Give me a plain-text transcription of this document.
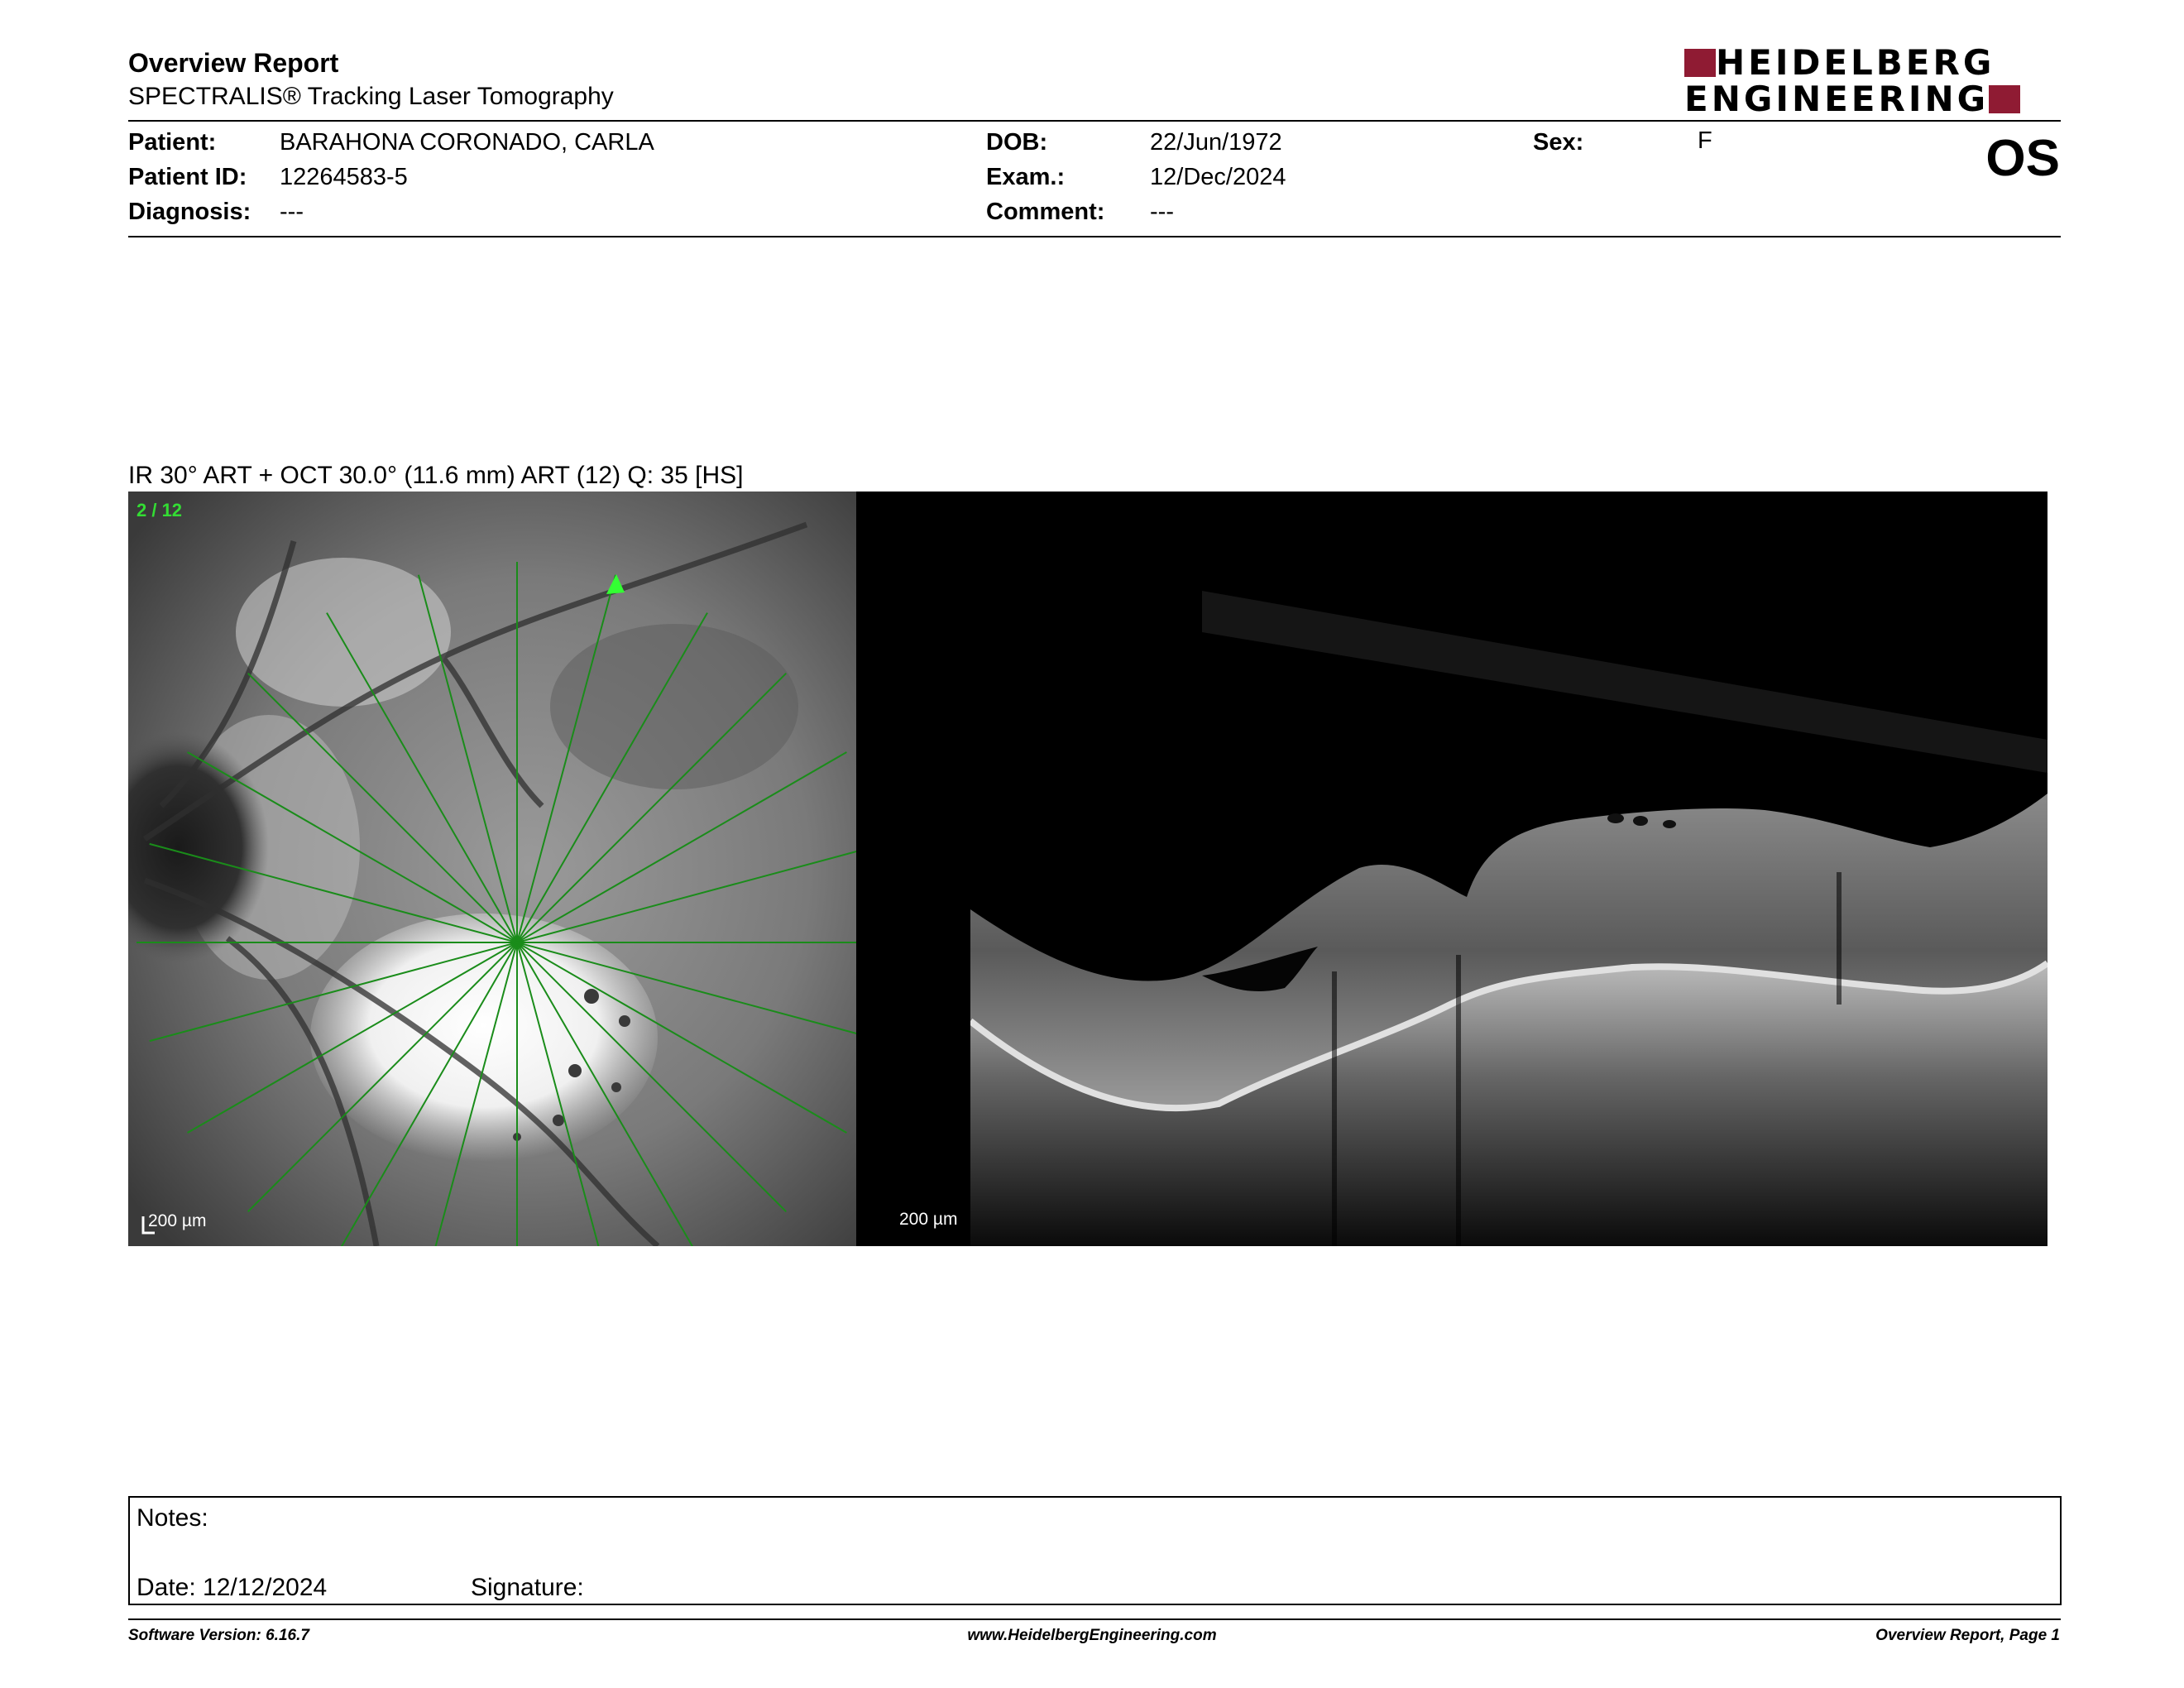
Overview Report
SPECTRALIS® Tracking Laser Tomography
HEIDELBERG
ENGINEERING
Patient:	BARAHONA CORONADO, CARLA
Patient ID: 12264583-5
Diagnosis: ---
DOB:	22/Jun/1972
Exam.:	12/Dec/2024
Comment: ---
Sex:	F	OS
IR 30° ART + OCT 30.0° (11.6 mm) ART (12) Q: 35 [HS]
2 / 12
200 µm	200 µm
Notes:
Date: 12/12/2024	Signature:
Software Version: 6.16.7	www.HeidelbergEngineering.com	Overview Report, Page 1
